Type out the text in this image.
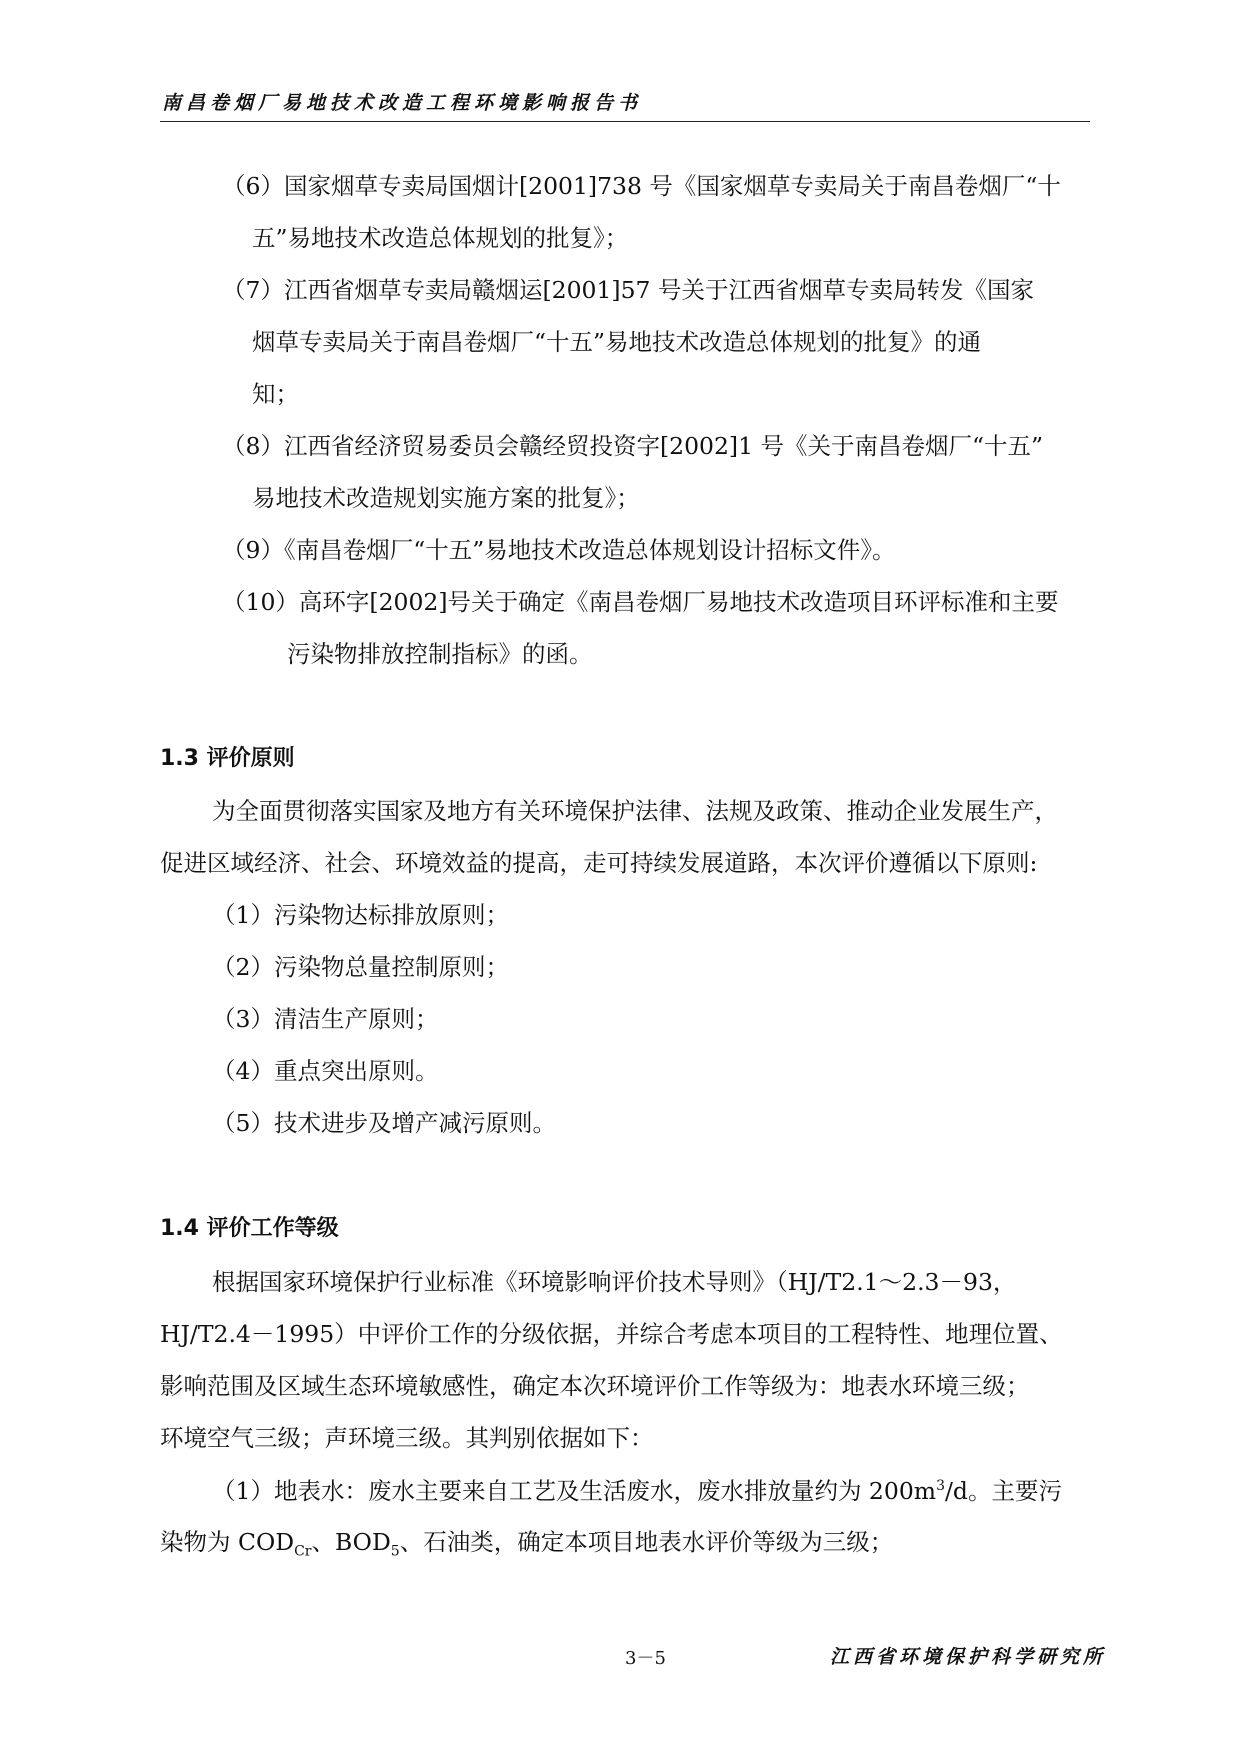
南昌卷烟厂易地技术改造工程环境影响报告书
（6）国家烟草专卖局国烟计[2001]738 号《国家烟草专卖局关于南昌卷烟厂“十
五”易地技术改造总体规划的批复》；
（7）江西省烟草专卖局赣烟运[2001]57 号关于江西省烟草专卖局转发《国家
烟草专卖局关于南昌卷烟厂“十五”易地技术改造总体规划的批复》的通
知；
（8）江西省经济贸易委员会赣经贸投资字[2002]1 号《关于南昌卷烟厂“十五”
易地技术改造规划实施方案的批复》；
（9）《南昌卷烟厂“十五”易地技术改造总体规划设计招标文件》。
（10）高环字[2002]号关于确定《南昌卷烟厂易地技术改造项目环评标准和主要
污染物排放控制指标》的函。
1.3 评价原则
为全面贯彻落实国家及地方有关环境保护法律、法规及政策、推动企业发展生产，
促进区域经济、社会、环境效益的提高，走可持续发展道路，本次评价遵循以下原则:
（1）污染物达标排放原则；
（2）污染物总量控制原则；
（3）清洁生产原则；
（4）重点突出原则。
（5）技术进步及增产减污原则。
1.4 评价工作等级
根据国家环境保护行业标准《环境影响评价技术导则》（HJ/T2.1～2.3－93，
HJ/T2.4－1995）中评价工作的分级依据，并综合考虑本项目的工程特性、地理位置、
影响范围及区域生态环境敏感性，确定本次环境评价工作等级为：地表水环境三级；
环境空气三级；声环境三级。其判别依据如下：
（1）地表水：废水主要来自工艺及生活废水，废水排放量约为 $200m^3/d$。主要污
染物为 $COD_{Cr}$、$BOD_5$、石油类，确定本项目地表水评价等级为三级；
3－5	江西省环境保护科学研究所
